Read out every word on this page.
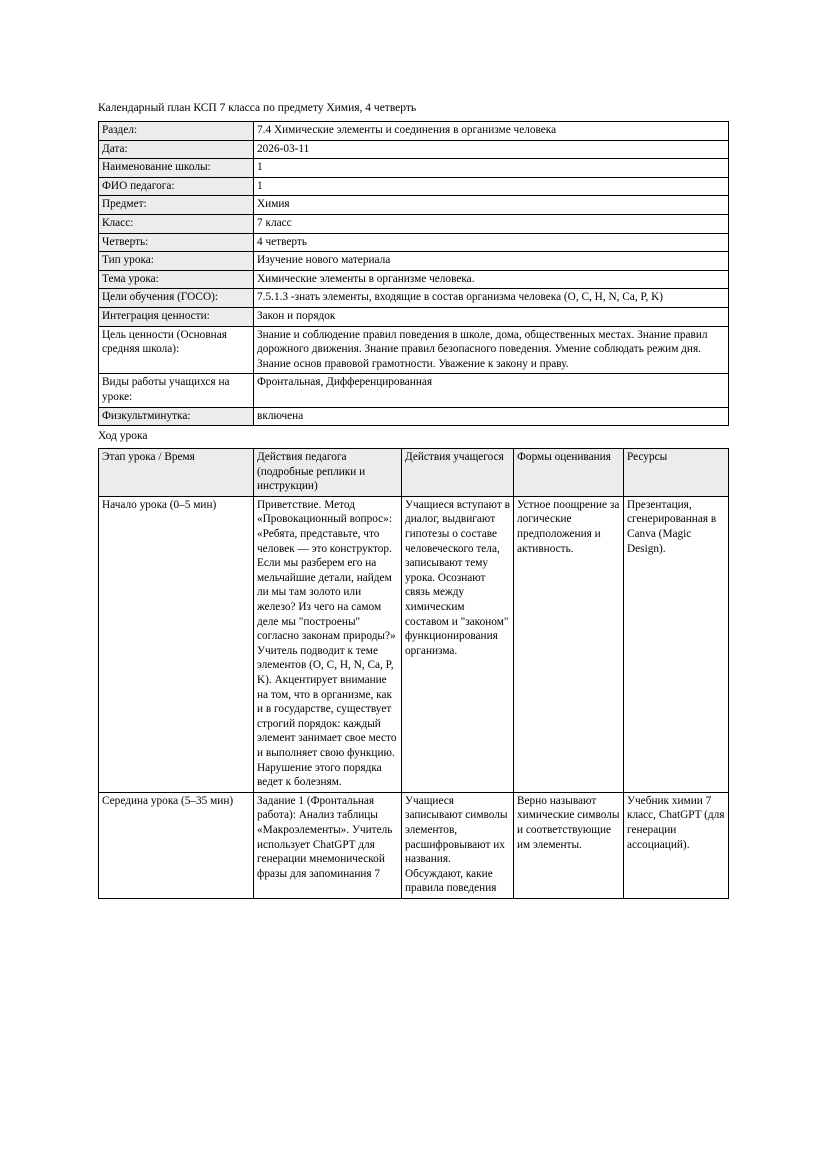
Календарный план КСП 7 класса по предмету Химия, 4 четверть

Раздел:	7.4 Химические элементы и соединения в организме человека
Дата:	2026-03-11
Наименование школы:	1
ФИО педагога:	1
Предмет:	Химия
Класс:	7 класс
Четверть:	4 четверть
Тип урока:	Изучение нового материала
Тема урока:	Химические элементы в организме человека.
Цели обучения (ГОСО):	7.5.1.3 -знать элементы, входящие в состав организма человека (O, C, H, N, Ca, P, K)
Интеграция ценности:	Закон и порядок
Цель ценности (Основная средняя школа):	Знание и соблюдение правил поведения в школе, дома, общественных местах. Знание правил дорожного движения. Знание правил безопасного поведения. Умение соблюдать режим дня. Знание основ правовой грамотности. Уважение к закону и праву.
Виды работы учащихся на уроке:	Фронтальная, Дифференцированная
Физкультминутка:	включена

Ход урока

Этап урока / Время	Действия педагога (подробные реплики и инструкции)	Действия учащегося	Формы оценивания	Ресурсы
Начало урока (0–5 мин)	Приветствие. Метод «Провокационный вопрос»: «Ребята, представьте, что человек — это конструктор. Если мы разберем его на мельчайшие детали, найдем ли мы там золото или железо? Из чего на самом деле мы "построены" согласно законам природы?» Учитель подводит к теме элементов (O, C, H, N, Ca, P, K). Акцентирует внимание на том, что в организме, как и в государстве, существует строгий порядок: каждый элемент занимает свое место и выполняет свою функцию. Нарушение этого порядка ведет к болезням.	Учащиеся вступают в диалог, выдвигают гипотезы о составе человеческого тела, записывают тему урока. Осознают связь между химическим составом и "законом" функционирования организма.	Устное поощрение за логические предположения и активность.	Презентация, сгенерированная в Canva (Magic Design).
Середина урока (5–35 мин)	Задание 1 (Фронтальная работа): Анализ таблицы «Макроэлементы». Учитель использует ChatGPT для генерации мнемонической фразы для запоминания 7	Учащиеся записывают символы элементов, расшифровывают их названия. Обсуждают, какие правила поведения	Верно называют химические символы и соответствующие им элементы.	Учебник химии 7 класс, ChatGPT (для генерации ассоциаций).
